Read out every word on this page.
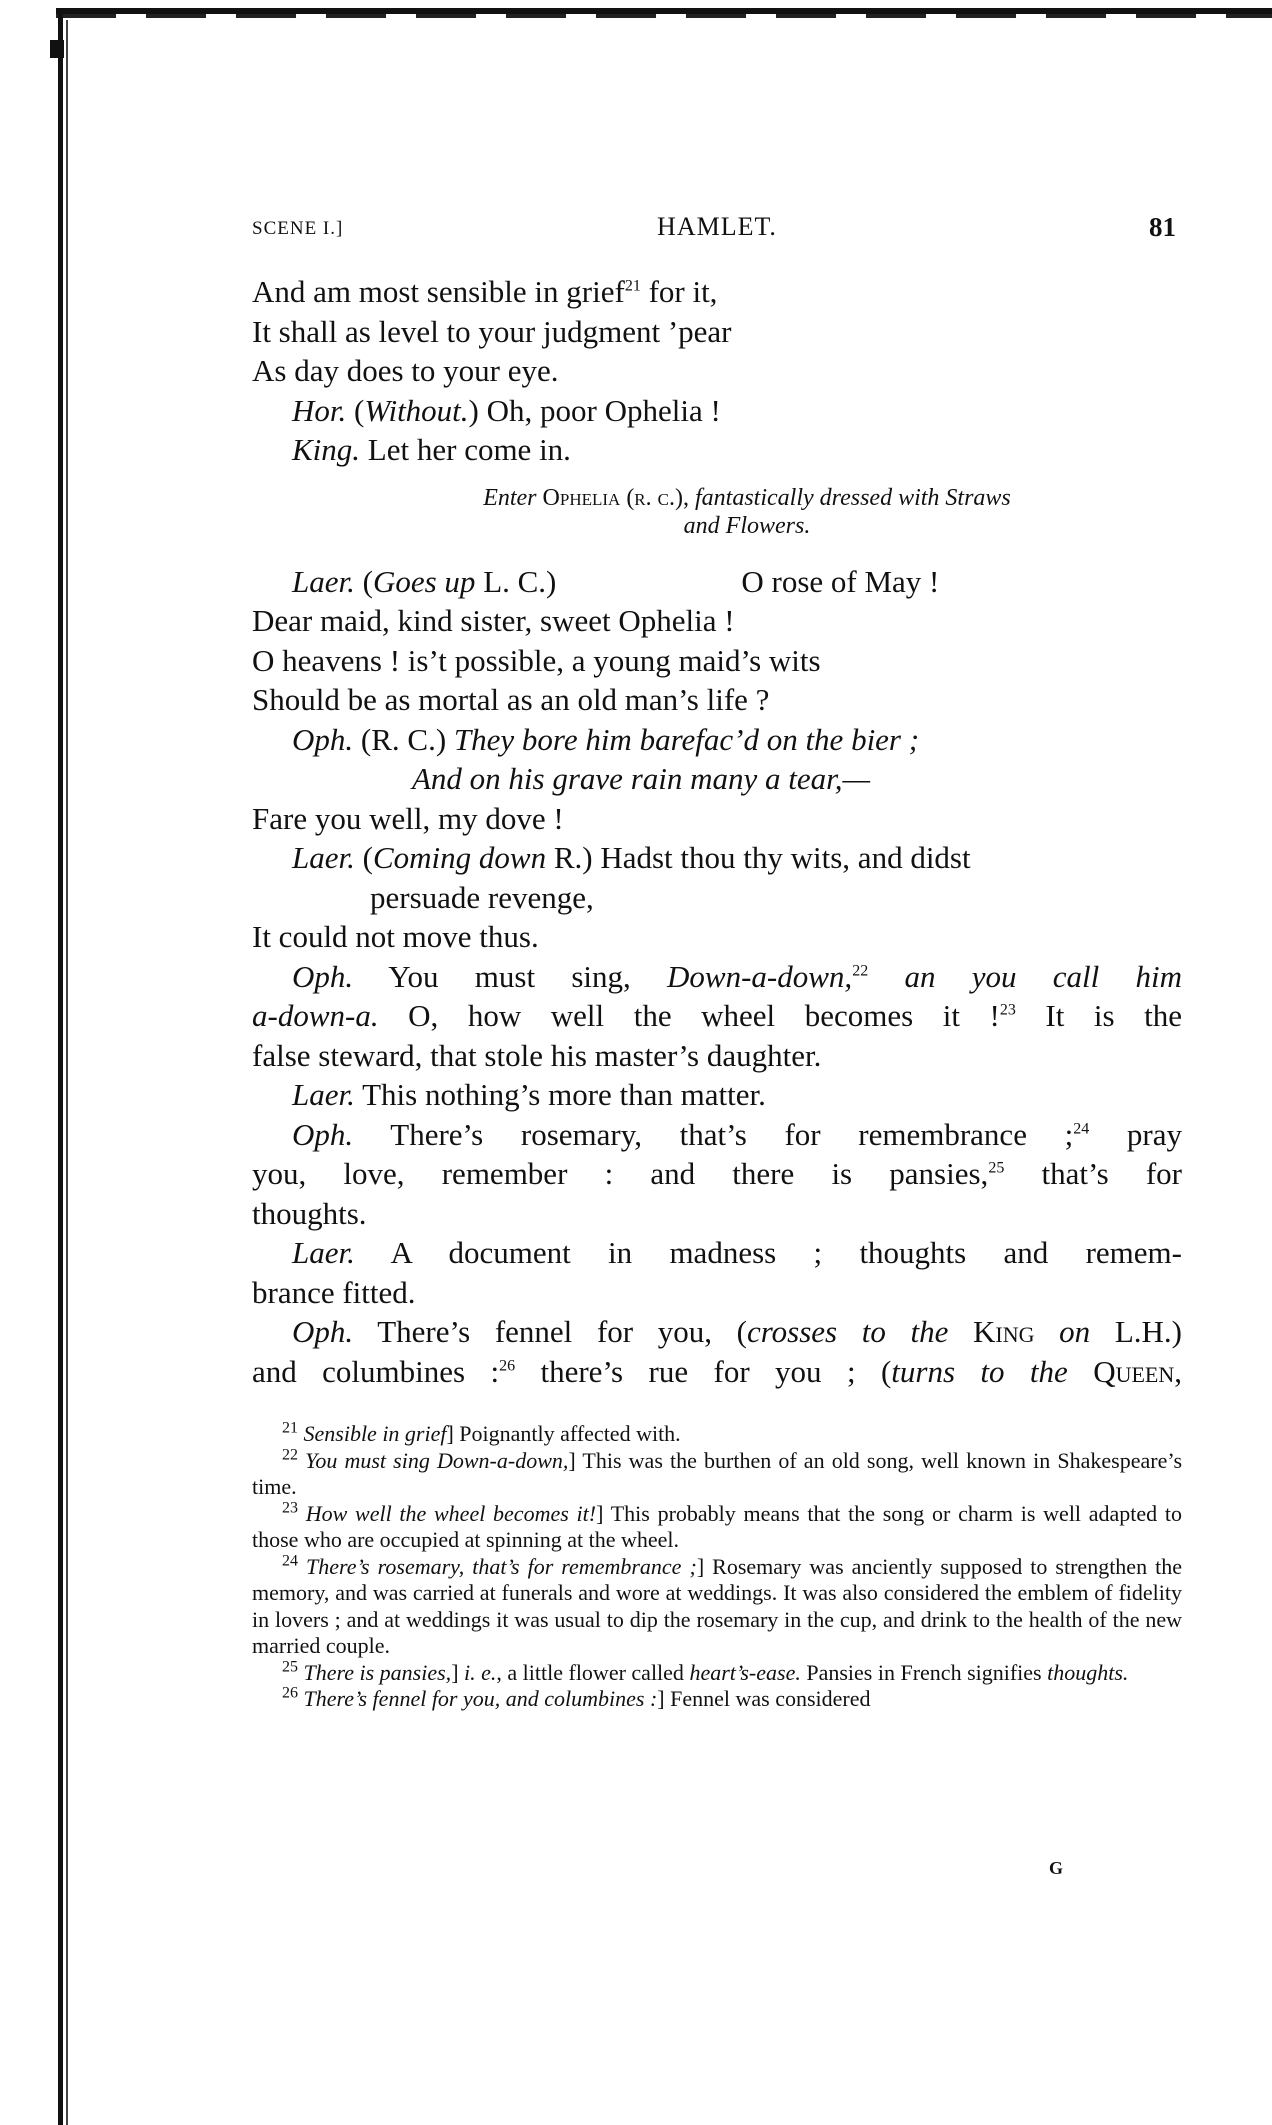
SCENE I.]	HAMLET.	81
And am most sensible in grief$^{21}$ for it,
It shall as level to your judgment ’pear
As day does to your eye.
Hor. (Without.) Oh, poor Ophelia !
King. Let her come in.
Enter Ophelia (r. c.), fantastically dressed with Straws
and Flowers.
Laer. (Goes up L. C.)	O rose of May !
Dear maid, kind sister, sweet Ophelia !
O heavens ! is’t possible, a young maid’s wits
Should be as mortal as an old man’s life ?
Oph. (R. C.) They bore him barefac’d on the bier ;
And on his grave rain many a tear,—
Fare you well, my dove !
Laer. (Coming down R.) Hadst thou thy wits, and didst
persuade revenge,
It could not move thus.
Oph. You must sing, Down-a-down,$^{22}$ an you call him
a-down-a. O, how well the wheel becomes it !$^{23}$ It is the
false steward, that stole his master’s daughter.
Laer. This nothing’s more than matter.
Oph. There’s rosemary, that’s for remembrance ;$^{24}$ pray
you, love, remember : and there is pansies,$^{25}$ that’s for
thoughts.
Laer. A document in madness ; thoughts and remem-
brance fitted.
Oph. There’s fennel for you, (crosses to the King on L.H.)
and columbines :$^{26}$ there’s rue for you ; (turns to the Queen,
$^{21}$ Sensible in grief] Poignantly affected with.
$^{22}$ You must sing Down-a-down,] This was the burthen of an old song, well known in Shakespeare’s time.
$^{23}$ How well the wheel becomes it!] This probably means that the song or charm is well adapted to those who are occupied at spinning at the wheel.
$^{24}$ There’s rosemary, that’s for remembrance ;] Rosemary was anciently supposed to strengthen the memory, and was carried at funerals and wore at weddings. It was also considered the emblem of fidelity in lovers ; and at weddings it was usual to dip the rosemary in the cup, and drink to the health of the new married couple.
$^{25}$ There is pansies,] i. e., a little flower called heart’s-ease. Pansies in French signifies thoughts.
$^{26}$ There’s fennel for you, and columbines :] Fennel was considered
G
